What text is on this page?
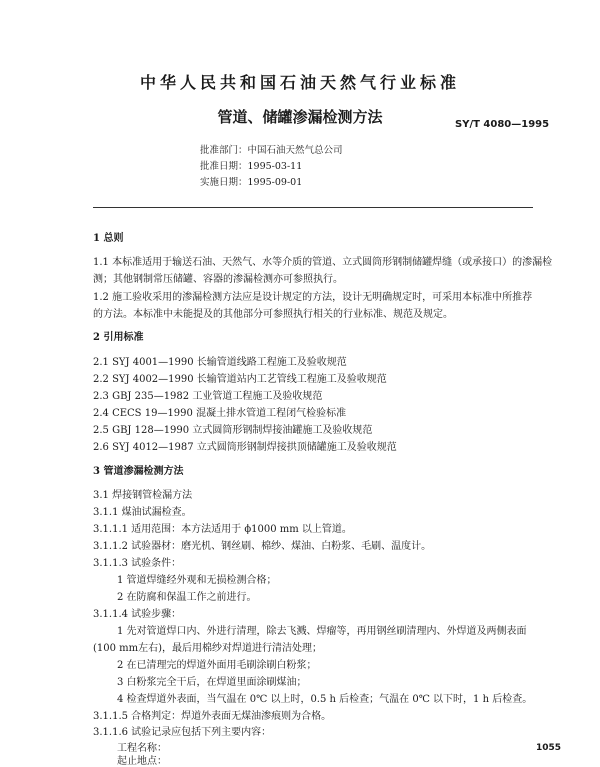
中华人民共和国石油天然气行业标准
管道、储罐渗漏检测方法	SY/T 4080—1995
批准部门：中国石油天然气总公司
批准日期：1995-03-11
实施日期：1995-09-01
1 总则
1.1 本标准适用于输送石油、天然气、水等介质的管道、立式圆筒形钢制储罐焊缝（或承接口）的渗漏检
测；其他钢制常压储罐、容器的渗漏检测亦可参照执行。
1.2 施工验收采用的渗漏检测方法应是设计规定的方法，设计无明确规定时，可采用本标准中所推荐
的方法。本标准中未能提及的其他部分可参照执行相关的行业标准、规范及规定。
2 引用标准
2.1 SYJ 4001—1990 长输管道线路工程施工及验收规范
2.2 SYJ 4002—1990 长输管道站内工艺管线工程施工及验收规范
2.3 GBJ 235—1982 工业管道工程施工及验收规范
2.4 CECS 19—1990 混凝土排水管道工程闭气检验标准
2.5 GBJ 128—1990 立式圆筒形钢制焊接油罐施工及验收规范
2.6 SYJ 4012—1987 立式圆筒形钢制焊接拱顶储罐施工及验收规范
3 管道渗漏检测方法
3.1 焊接钢管检漏方法
3.1.1 煤油试漏检查。
3.1.1.1 适用范围：本方法适用于 ϕ1000 mm 以上管道。
3.1.1.2 试验器材：磨光机、钢丝刷、棉纱、煤油、白粉浆、毛刷、温度计。
3.1.1.3 试验条件：
1 管道焊缝经外观和无损检测合格；
2 在防腐和保温工作之前进行。
3.1.1.4 试验步骤：
1 先对管道焊口内、外进行清理，除去飞溅、焊瘤等，再用钢丝刷清理内、外焊道及两侧表面
(100 mm左右)，最后用棉纱对焊道进行清洁处理；
2 在已清理完的焊道外面用毛刷涂刷白粉浆；
3 白粉浆完全干后，在焊道里面涂刷煤油；
4 检查焊道外表面，当气温在 0℃ 以上时，0.5 h 后检查；气温在 0℃ 以下时，1 h 后检查。
3.1.1.5 合格判定：焊道外表面无煤油渗痕则为合格。
3.1.1.6 试验记录应包括下列主要内容：
工程名称：
起止地点：
1055
